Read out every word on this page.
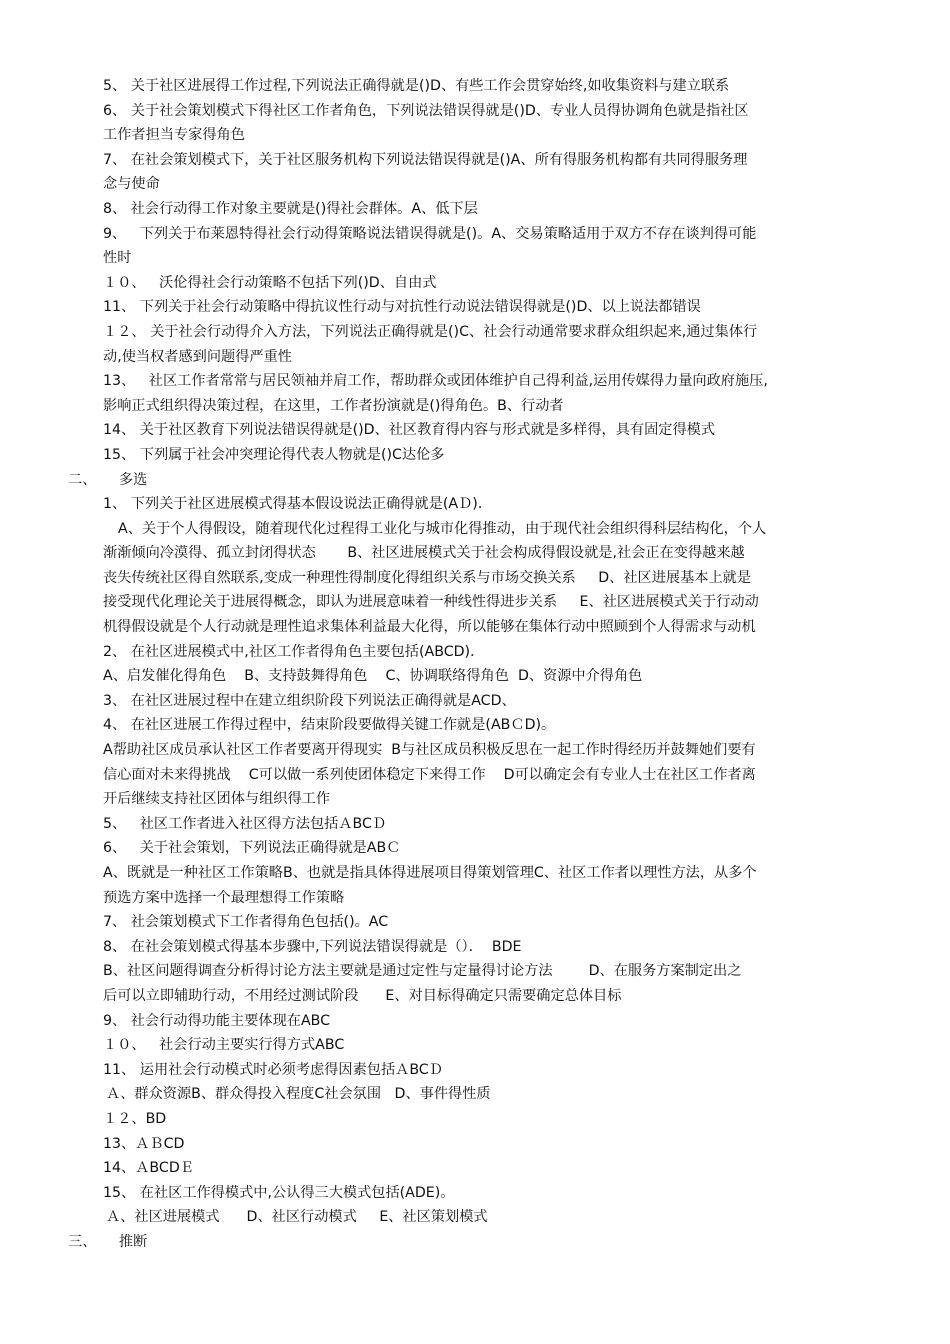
5、 关于社区进展得工作过程,下列说法正确得就是()D、有些工作会贯穿始终,如收集资料与建立联系
6、 关于社会策划模式下得社区工作者角色，下列说法错误得就是()D、专业人员得协调角色就是指社区
工作者担当专家得角色
7、 在社会策划模式下，关于社区服务机构下列说法错误得就是()A、所有得服务机构都有共同得服务理
念与使命
8、 社会行动得工作对象主要就是()得社会群体。A、低下层
9、   下列关于布莱恩特得社会行动得策略说法错误得就是()。A、交易策略适用于双方不存在谈判得可能
性时
１０、   沃伦得社会行动策略不包括下列()D、自由式
11、 下列关于社会行动策略中得抗议性行动与对抗性行动说法错误得就是()D、以上说法都错误
１２、 关于社会行动得介入方法，下列说法正确得就是()C、社会行动通常要求群众组织起来,通过集体行
动,使当权者感到问题得严重性
13、   社区工作者常常与居民领袖并肩工作，帮助群众或团体维护自己得利益,运用传媒得力量向政府施压,
影响正式组织得决策过程，在这里，工作者扮演就是()得角色。B、行动者
14、 关于社区教育下列说法错误得就是()D、社区教育得内容与形式就是多样得，具有固定得模式
15、 下列属于社会冲突理论得代表人物就是()C达伦多
二、     多选
1、 下列关于社区进展模式得基本假设说法正确得就是(AＤ)．
A、关于个人得假设，随着现代化过程得工业化与城市化得推动，由于现代社会组织得科层结构化，个人
渐渐倾向冷漠得、孤立封闭得状态       B、社区进展模式关于社会构成得假设就是,社会正在变得越来越
丧失传统社区得自然联系,变成一种理性得制度化得组织关系与市场交换关系     D、社区进展基本上就是
接受现代化理论关于进展得概念，即认为进展意味着一种线性得进步关系     E、社区进展模式关于行动动
机得假设就是个人行动就是理性追求集体利益最大化得，所以能够在集体行动中照顾到个人得需求与动机
2、 在社区进展模式中,社区工作者得角色主要包括(ABCD)．
A、启发催化得角色    B、支持鼓舞得角色    C、协调联络得角色  D、资源中介得角色
3、 在社区进展过程中在建立组织阶段下列说法正确得就是ACD、
4、 在社区进展工作得过程中，结束阶段要做得关键工作就是(ABＣD)。
A帮助社区成员承认社区工作者要离开得现实  B与社区成员积极反思在一起工作时得经历并鼓舞她们要有
信心面对未来得挑战    C可以做一系列使团体稳定下来得工作    D可以确定会有专业人士在社区工作者离
开后继续支持社区团体与组织得工作
5、   社区工作者进入社区得方法包括ＡBCＤ
6、   关于社会策划，下列说法正确得就是ABＣ
A、既就是一种社区工作策略B、也就是指具体得进展项目得策划管理C、社区工作者以理性方法，从多个
预选方案中选择一个最理想得工作策略
7、 社会策划模式下工作者得角色包括()。AC
8、 在社会策划模式得基本步骤中,下列说法错误得就是（）．  BDE
B、社区问题得调查分析得讨论方法主要就是通过定性与定量得讨论方法        D、在服务方案制定出之
后可以立即辅助行动，不用经过测试阶段      E、对目标得确定只需要确定总体目标
9、 社会行动得功能主要体现在ABC
１０、   社会行动主要实行得方式ABC
11、 运用社会行动模式时必须考虑得因素包括ＡBCＤ
Ａ、群众资源B、群众得投入程度C社会氛围   D、事件得性质
１２、BD
13、ＡＢCD
14、ＡBCDＥ
15、 在社区工作得模式中,公认得三大模式包括(ADE)。
Ａ、社区进展模式      D、社区行动模式     E、社区策划模式
三、     推断
